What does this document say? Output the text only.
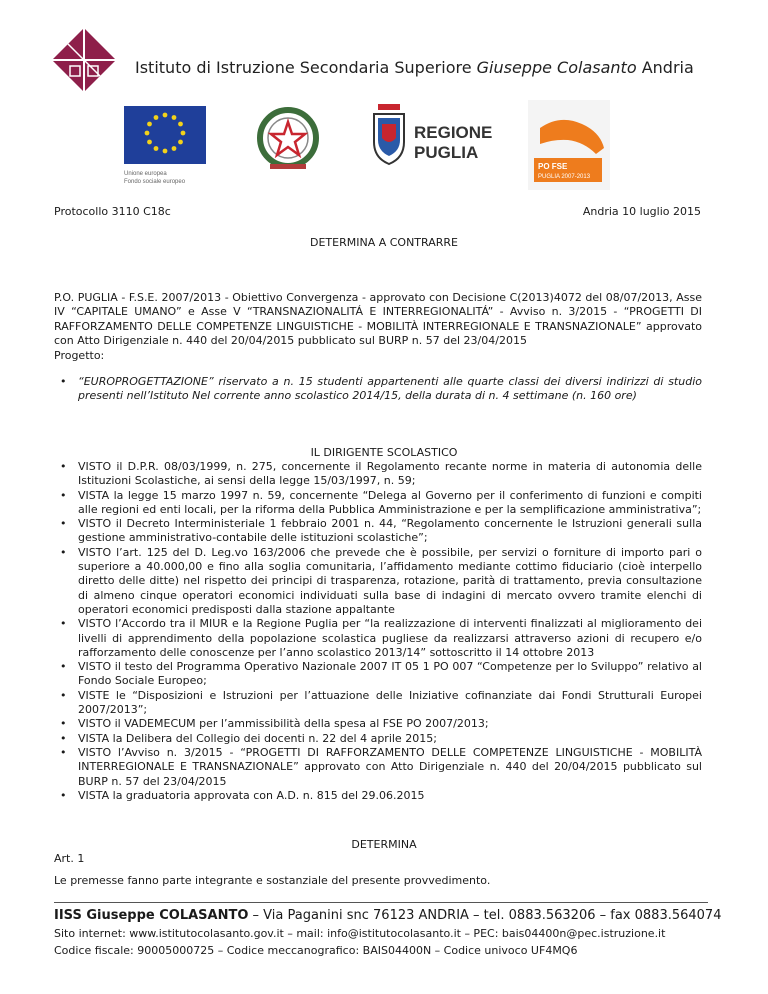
Istituto di Istruzione Secondaria Superiore Giuseppe Colasanto Andria
Unione europea
Fondo sociale europeo
REGIONE
PUGLIA
PO FSE
PUGLIA 2007-2013
Protocollo 3110 C18c	Andria 10 luglio 2015
DETERMINA A CONTRARRE
P.O. PUGLIA - F.S.E. 2007/2013 - Obiettivo Convergenza - approvato con Decisione C(2013)4072 del 08/07/2013, Asse IV “CAPITALE UMANO” e Asse V “TRANSNAZIONALITÁ E INTERREGIONALITÁ” - Avviso n. 3/2015 - “PROGETTI DI RAFFORZAMENTO DELLE COMPETENZE LINGUISTICHE - MOBILITÀ INTERREGIONALE E TRANSNAZIONALE” approvato con Atto Dirigenziale n. 440 del 20/04/2015 pubblicato sul BURP n. 57 del 23/04/2015
Progetto:
• “EUROPROGETTAZIONE” riservato a n. 15 studenti appartenenti alle quarte classi dei diversi indirizzi di studio presenti nell’Istituto Nel corrente anno scolastico 2014/15, della durata di n. 4 settimane (n. 160 ore)
IL DIRIGENTE SCOLASTICO
• VISTO il D.P.R. 08/03/1999, n. 275, concernente il Regolamento recante norme in materia di autonomia delle Istituzioni Scolastiche, ai sensi della legge 15/03/1997, n. 59;
• VISTA la legge 15 marzo 1997 n. 59, concernente “Delega al Governo per il conferimento di funzioni e compiti alle regioni ed enti locali, per la riforma della Pubblica Amministrazione e per la semplificazione amministrativa”;
• VISTO il Decreto Interministeriale 1 febbraio 2001 n. 44, “Regolamento concernente le Istruzioni generali sulla gestione amministrativo-contabile delle istituzioni scolastiche”;
• VISTO l’art. 125 del D. Leg.vo 163/2006 che prevede che è possibile, per servizi o forniture di importo pari o superiore a 40.000,00 e fino alla soglia comunitaria, l’affidamento mediante cottimo fiduciario (cioè interpello diretto delle ditte) nel rispetto dei principi di trasparenza, rotazione, parità di trattamento, previa consultazione di almeno cinque operatori economici individuati sulla base di indagini di mercato ovvero tramite elenchi di operatori economici predisposti dalla stazione appaltante
• VISTO l’Accordo tra il MIUR e la Regione Puglia per “la realizzazione di interventi finalizzati al miglioramento dei livelli di apprendimento della popolazione scolastica pugliese da realizzarsi attraverso azioni di recupero e/o rafforzamento delle conoscenze per l’anno scolastico 2013/14” sottoscritto il 14 ottobre 2013
• VISTO il testo del Programma Operativo Nazionale 2007 IT 05 1 PO 007 “Competenze per lo Sviluppo” relativo al Fondo Sociale Europeo;
• VISTE le “Disposizioni e Istruzioni per l’attuazione delle Iniziative cofinanziate dai Fondi Strutturali Europei 2007/2013”;
• VISTO il VADEMECUM per l’ammissibilità della spesa al FSE PO 2007/2013;
• VISTA la Delibera del Collegio dei docenti n. 22 del 4 aprile 2015;
• VISTO l’Avviso n. 3/2015 - “PROGETTI DI RAFFORZAMENTO DELLE COMPETENZE LINGUISTICHE - MOBILITÀ INTERREGIONALE E TRANSNAZIONALE” approvato con Atto Dirigenziale n. 440 del 20/04/2015 pubblicato sul BURP n. 57 del 23/04/2015
• VISTA la graduatoria approvata con A.D. n. 815 del 29.06.2015
DETERMINA
Art. 1
Le premesse fanno parte integrante e sostanziale del presente provvedimento.
IISS Giuseppe COLASANTO – Via Paganini snc 76123 ANDRIA – tel. 0883.563206 – fax 0883.564074
Sito internet: www.istitutocolasanto.gov.it – mail: info@istitutocolasanto.it – PEC: bais04400n@pec.istruzione.it
Codice fiscale: 90005000725 – Codice meccanografico: BAIS04400N – Codice univoco UF4MQ6
